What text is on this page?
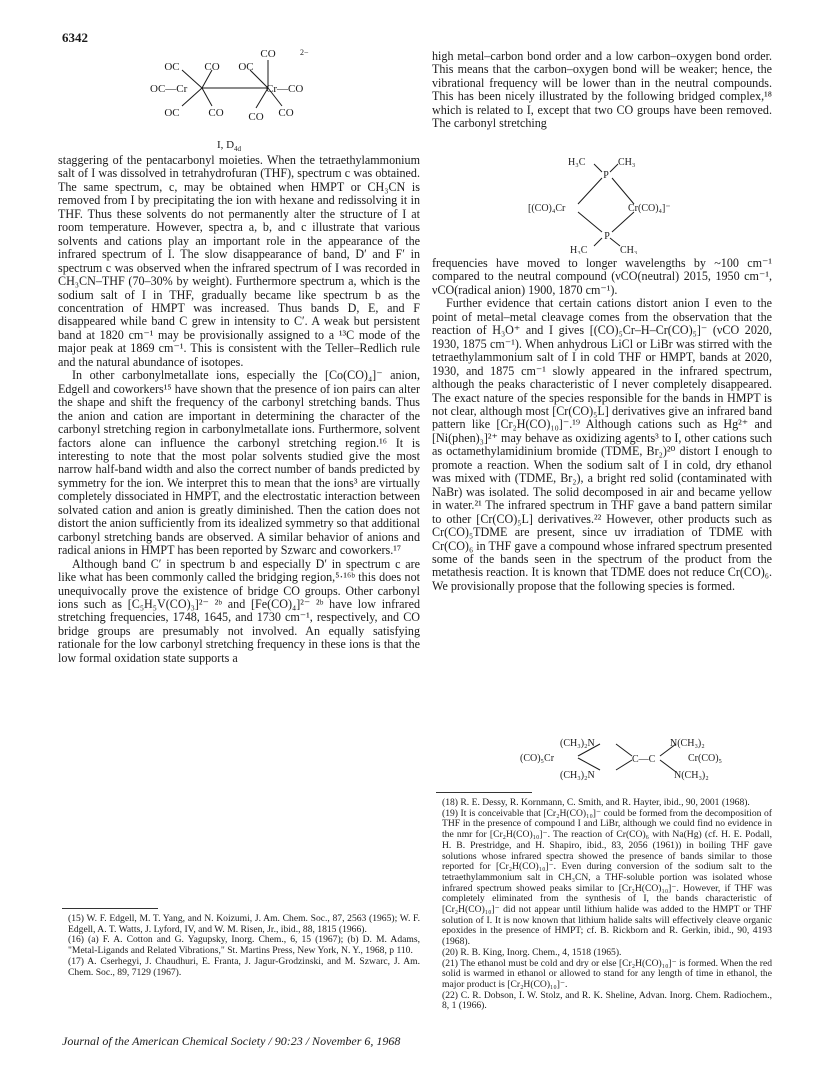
6342
CO	2−
OC CO OC
OC—Cr	Cr—CO
OC	CO CO CO
I, D 4d

staggering of the pentacarbonyl moieties. When the tetraethylammonium salt of I was dissolved in tetrahydrofuran (THF), spectrum c was obtained. The same spectrum, c, may be obtained when HMPT or CH₃CN is removed from I by precipitating the ion with hexane and redissolving it in THF. Thus these solvents do not permanently alter the structure of I at room temperature. However, spectra a, b, and c illustrate that various solvents and cations play an important role in the appearance of the infrared spectrum of I. The slow disappearance of band, D′ and F′ in spectrum c was observed when the infrared spectrum of I was recorded in CH₃CN–THF (70–30% by weight). Furthermore spectrum a, which is the sodium salt of I in THF, gradually became like spectrum b as the concentration of HMPT was increased. Thus bands D, E, and F disappeared while band C grew in intensity to C′. A weak but persistent band at 1820 cm⁻¹ may be provisionally assigned to a ¹³C mode of the major peak at 1869 cm⁻¹. This is consistent with the Teller–Redlich rule and the natural abundance of isotopes.

In other carbonylmetallate ions, especially the [Co(CO)₄]⁻ anion, Edgell and coworkers¹⁵ have shown that the presence of ion pairs can alter the shape and shift the frequency of the carbonyl stretching bands. Thus the anion and cation are important in determining the character of the carbonyl stretching region in carbonylmetallate ions. Furthermore, solvent factors alone can influence the carbonyl stretching region.¹⁶ It is interesting to note that the most polar solvents studied give the most narrow half-band width and also the correct number of bands predicted by symmetry for the ion. We interpret this to mean that the ions³ are virtually completely dissociated in HMPT, and the electrostatic interaction between solvated cation and anion is greatly diminished. Then the cation does not distort the anion sufficiently from its idealized symmetry so that additional carbonyl stretching bands are observed. A similar behavior of anions and radical anions in HMPT has been reported by Szwarc and coworkers.¹⁷

Although band C′ in spectrum b and especially D′ in spectrum c are like what has been commonly called the bridging region,⁵·¹⁶ᵇ this does not unequivocally prove the existence of bridge CO groups. Other carbonyl ions such as [C₅H₅V(CO)₃]²⁻ ²ᵇ and [Fe(CO)₄]²⁻ ²ᵇ have low infrared stretching frequencies, 1748, 1645, and 1730 cm⁻¹, respectively, and CO bridge groups are presumably not involved. An equally satisfying rationale for the low carbonyl stretching frequency in these ions is that the low formal oxidation state supports a

(15) W. F. Edgell, M. T. Yang, and N. Koizumi, J. Am. Chem. Soc., 87, 2563 (1965); W. F. Edgell, A. T. Watts, J. Lyford, IV, and W. M. Risen, Jr., ibid., 88, 1815 (1966).

(16) (a) F. A. Cotton and G. Yagupsky, Inorg. Chem., 6, 15 (1967); (b) D. M. Adams, "Metal-Ligands and Related Vibrations," St. Martins Press, New York, N. Y., 1968, p 110.

(17) A. Cserhegyi, J. Chaudhuri, E. Franta, J. Jagur-Grodzinski, and M. Szwarc, J. Am. Chem. Soc., 89, 7129 (1967).

high metal–carbon bond order and a low carbon–oxygen bond order. This means that the carbon–oxygen bond will be weaker; hence, the vibrational frequency will be lower than in the neutral compounds. This has been nicely illustrated by the following bridged complex,¹⁸ which is related to I, except that two CO groups have been removed. The carbonyl stretching

H₃C	CH₃
P
[(CO)₄Cr	Cr(CO)₄]⁻
P
H₃C	CH₃

frequencies have moved to longer wavelengths by ~100 cm⁻¹ compared to the neutral compound (νCO(neutral) 2015, 1950 cm⁻¹, νCO(radical anion) 1900, 1870 cm⁻¹).

Further evidence that certain cations distort anion I even to the point of metal–metal cleavage comes from the observation that the reaction of H₃O⁺ and I gives [(CO)₅Cr–H–Cr(CO)₅]⁻ (νCO 2020, 1930, 1875 cm⁻¹). When anhydrous LiCl or LiBr was stirred with the tetraethylammonium salt of I in cold THF or HMPT, bands at 2020, 1930, and 1875 cm⁻¹ slowly appeared in the infrared spectrum, although the peaks characteristic of I never completely disappeared. The exact nature of the species responsible for the bands in HMPT is not clear, although most [Cr(CO)₅L] derivatives give an infrared band pattern like [Cr₂H(CO)₁₀]⁻.¹⁹ Although cations such as Hg²⁺ and [Ni(phen)₃]²⁺ may behave as oxidizing agents³ to I, other cations such as octamethylamidinium bromide (TDME, Br₂)²⁰ distort I enough to promote a reaction. When the sodium salt of I in cold, dry ethanol was mixed with (TDME, Br₂), a bright red solid (contaminated with NaBr) was isolated. The solid decomposed in air and became yellow in water.²¹ The infrared spectrum in THF gave a band pattern similar to other [Cr(CO)₅L] derivatives.²² However, other products such as Cr(CO)₅TDME are present, since uv irradiation of TDME with Cr(CO)₆ in THF gave a compound whose infrared spectrum presented some of the bands seen in the spectrum of the product from the metathesis reaction. It is known that TDME does not reduce Cr(CO)₆. We provisionally propose that the following species is formed.

(CH₃)₂N
(CO)₅Cr
(CH₃)₂N
C—C
N(CH₃)₂
Cr(CO)₅
N(CH₃)₂

(18) R. E. Dessy, R. Kornmann, C. Smith, and R. Hayter, ibid., 90, 2001 (1968).

(19) It is conceivable that [Cr₂H(CO)₁₀]⁻ could be formed from the decomposition of THF in the presence of compound I and LiBr, although we could find no evidence in the nmr for [Cr₂H(CO)₁₀]⁻. The reaction of Cr(CO)₆ with Na(Hg) (cf. H. E. Podall, H. B. Prestridge, and H. Shapiro, ibid., 83, 2056 (1961)) in boiling THF gave solutions whose infrared spectra showed the presence of bands similar to those reported for [Cr₂H(CO)₁₀]⁻. Even during conversion of the sodium salt to the tetraethylammonium salt in CH₃CN, a THF-soluble portion was isolated whose infrared spectrum showed peaks similar to [Cr₂H(CO)₁₀]⁻. However, if THF was completely eliminated from the synthesis of I, the bands characteristic of [Cr₂H(CO)₁₀]⁻ did not appear until lithium halide was added to the HMPT or THF solution of I. It is now known that lithium halide salts will effectively cleave organic epoxides in the presence of HMPT; cf. B. Rickborn and R. Gerkin, ibid., 90, 4193 (1968).

(20) R. B. King, Inorg. Chem., 4, 1518 (1965).

(21) The ethanol must be cold and dry or else [Cr₂H(CO)₁₀]⁻ is formed. When the red solid is warmed in ethanol or allowed to stand for any length of time in ethanol, the major product is [Cr₂H(CO)₁₀]⁻.

(22) C. R. Dobson, I. W. Stolz, and R. K. Sheline, Advan. Inorg. Chem. Radiochem., 8, 1 (1966).

Journal of the American Chemical Society / 90:23 / November 6, 1968
